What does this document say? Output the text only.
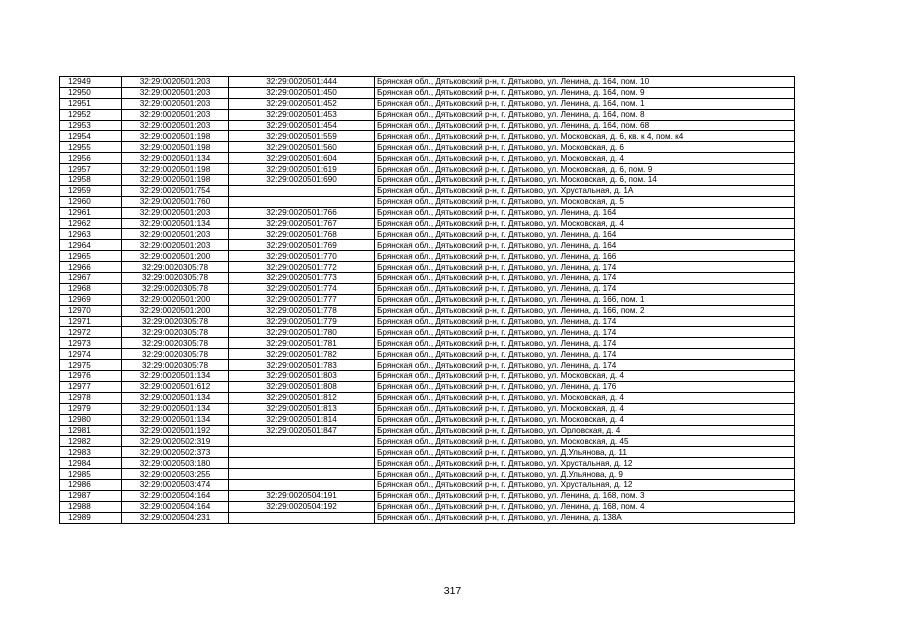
12949	32:29:0020501:203	32:29:0020501:444	Брянская обл., Дятьковский р-н, г. Дятьково, ул. Ленина, д. 164, пом. 10
12950	32:29:0020501:203	32:29:0020501:450	Брянская обл., Дятьковский р-н, г. Дятьково, ул. Ленина, д. 164, пом. 9
12951	32:29:0020501:203	32:29:0020501:452	Брянская обл., Дятьковский р-н, г. Дятьково, ул. Ленина, д. 164, пом. 1
12952	32:29:0020501:203	32:29:0020501:453	Брянская обл., Дятьковский р-н, г. Дятьково, ул. Ленина, д. 164, пом. 8
12953	32:29:0020501:203	32:29:0020501:454	Брянская обл., Дятьковский р-н, г. Дятьково, ул. Ленина, д. 164, пом. 68
12954	32:29:0020501:198	32:29:0020501:559	Брянская обл., Дятьковский р-н, г. Дятьково, ул. Московская, д. 6, кв. к 4, пом. к4
12955	32:29:0020501:198	32:29:0020501:560	Брянская обл., Дятьковский р-н, г. Дятьково, ул. Московская, д. 6
12956	32:29:0020501:134	32:29:0020501:604	Брянская обл., Дятьковский р-н, г. Дятьково, ул. Московская, д. 4
12957	32:29:0020501:198	32:29:0020501:619	Брянская обл., Дятьковский р-н, г. Дятьково, ул. Московская, д. 6, пом. 9
12958	32:29:0020501:198	32:29:0020501:690	Брянская обл., Дятьковский р-н, г. Дятьково, ул. Московская, д. 6, пом. 14
12959	32:29:0020501:754		Брянская обл., Дятьковский р-н, г. Дятьково, ул. Хрустальная, д. 1А
12960	32:29:0020501:760		Брянская обл., Дятьковский р-н, г. Дятьково, ул. Московская, д. 5
12961	32:29:0020501:203	32:29:0020501:766	Брянская обл., Дятьковский р-н, г. Дятьково, ул. Ленина, д. 164
12962	32:29:0020501:134	32:29:0020501:767	Брянская обл., Дятьковский р-н, г. Дятьково, ул. Московская, д. 4
12963	32:29:0020501:203	32:29:0020501:768	Брянская обл., Дятьковский р-н, г. Дятьково, ул. Ленина, д. 164
12964	32:29:0020501:203	32:29:0020501:769	Брянская обл., Дятьковский р-н, г. Дятьково, ул. Ленина, д. 164
12965	32:29:0020501:200	32:29:0020501:770	Брянская обл., Дятьковский р-н, г. Дятьково, ул. Ленина, д. 166
12966	32:29:0020305:78	32:29:0020501:772	Брянская обл., Дятьковский р-н, г. Дятьково, ул. Ленина, д. 174
12967	32:29:0020305:78	32:29:0020501:773	Брянская обл., Дятьковский р-н, г. Дятьково, ул. Ленина, д. 174
12968	32:29:0020305:78	32:29:0020501:774	Брянская обл., Дятьковский р-н, г. Дятьково, ул. Ленина, д. 174
12969	32:29:0020501:200	32:29:0020501:777	Брянская обл., Дятьковский р-н, г. Дятьково, ул. Ленина, д. 166, пом. 1
12970	32:29:0020501:200	32:29:0020501:778	Брянская обл., Дятьковский р-н, г. Дятьково, ул. Ленина, д. 166, пом. 2
12971	32:29:0020305:78	32:29:0020501:779	Брянская обл., Дятьковский р-н, г. Дятьково, ул. Ленина, д. 174
12972	32:29:0020305:78	32:29:0020501:780	Брянская обл., Дятьковский р-н, г. Дятьково, ул. Ленина, д. 174
12973	32:29:0020305:78	32:29:0020501:781	Брянская обл., Дятьковский р-н, г. Дятьково, ул. Ленина, д. 174
12974	32:29:0020305:78	32:29:0020501:782	Брянская обл., Дятьковский р-н, г. Дятьково, ул. Ленина, д. 174
12975	32:29:0020305:78	32:29:0020501:783	Брянская обл., Дятьковский р-н, г. Дятьково, ул. Ленина, д. 174
12976	32:29:0020501:134	32:29:0020501:803	Брянская обл., Дятьковский р-н, г. Дятьково, ул. Московская, д. 4
12977	32:29:0020501:612	32:29:0020501:808	Брянская обл., Дятьковский р-н, г. Дятьково, ул. Ленина, д. 176
12978	32:29:0020501:134	32:29:0020501:812	Брянская обл., Дятьковский р-н, г. Дятьково, ул. Московская, д. 4
12979	32:29:0020501:134	32:29:0020501:813	Брянская обл., Дятьковский р-н, г. Дятьково, ул. Московская, д. 4
12980	32:29:0020501:134	32:29:0020501:814	Брянская обл., Дятьковский р-н, г. Дятьково, ул. Московская, д. 4
12981	32:29:0020501:192	32:29:0020501:847	Брянская обл., Дятьковский р-н, г. Дятьково, ул. Орловская, д. 4
12982	32:29:0020502:319		Брянская обл., Дятьковский р-н, г. Дятьково, ул. Московская, д. 45
12983	32:29:0020502:373		Брянская обл., Дятьковский р-н, г. Дятьково, ул. Д.Ульянова, д. 11
12984	32:29:0020503:180		Брянская обл., Дятьковский р-н, г. Дятьково, ул. Хрустальная, д. 12
12985	32:29:0020503:255		Брянская обл., Дятьковский р-н, г. Дятьково, ул. Д.Ульянова, д. 9
12986	32:29:0020503:474		Брянская обл., Дятьковский р-н, г. Дятьково, ул. Хрустальная, д. 12
12987	32:29:0020504:164	32:29:0020504:191	Брянская обл., Дятьковский р-н, г. Дятьково, ул. Ленина, д. 168, пом. 3
12988	32:29:0020504:164	32:29:0020504:192	Брянская обл., Дятьковский р-н, г. Дятьково, ул. Ленина, д. 168, пом. 4
12989	32:29:0020504:231		Брянская обл., Дятьковский р-н, г. Дятьково, ул. Ленина, д. 138А
317
